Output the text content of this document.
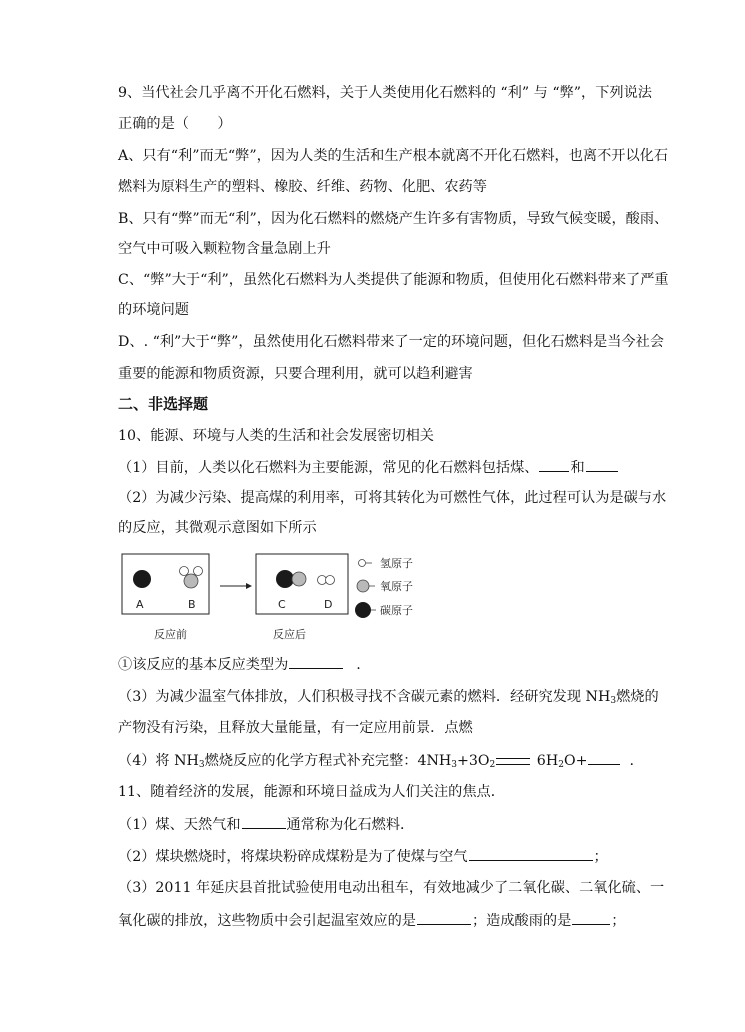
9、当代社会几乎离不开化石燃料，关于人类使用化石燃料的 “利” 与 “弊”，下列说法
正确的是（　　）
A、只有“利”而无“弊”，因为人类的生活和生产根本就离不开化石燃料，也离不开以化石
燃料为原料生产的塑料、橡胶、纤维、药物、化肥、农药等
B、只有“弊”而无“利”，因为化石燃料的燃烧产生许多有害物质，导致气候变暖，酸雨、
空气中可吸入颗粒物含量急剧上升
C、“弊”大于“利”，虽然化石燃料为人类提供了能源和物质，但使用化石燃料带来了严重
的环境问题
D、. “利”大于“弊”，虽然使用化石燃料带来了一定的环境问题，但化石燃料是当今社会
重要的能源和物质资源，只要合理利用，就可以趋利避害
二、非选择题
10、能源、环境与人类的生活和社会发展密切相关
（1）目前，人类以化石燃料为主要能源，常见的化石燃料包括煤、 和
（2）为减少污染、提高煤的利用率，可将其转化为可燃性气体，此过程可认为是碳与水
的反应，其微观示意图如下所示
A	B	C	D
反应前	反应后
氢原子
氧原子
碳原子
①该反应的基本反应类型为	.
（3）为减少温室气体排放，人们积极寻找不含碳元素的燃料．经研究发现 $NH_3$燃烧的
产物没有污染，且释放大量能量，有一定应用前景．点燃
（4）将 $NH_3$燃烧反应的化学方程式补充完整：$4NH_3+3O_2$	$6H_2O+$	.
11、随着经济的发展，能源和环境日益成为人们关注的焦点．
（1）煤、天然气和	通常称为化石燃料．
（2）煤块燃烧时，将煤块粉碎成煤粉是为了使煤与空气	；
（3）2011 年延庆县首批试验使用电动出租车，有效地减少了二氧化碳、二氧化硫、一
氧化碳的排放，这些物质中会引起温室效应的是	；造成酸雨的是	；
